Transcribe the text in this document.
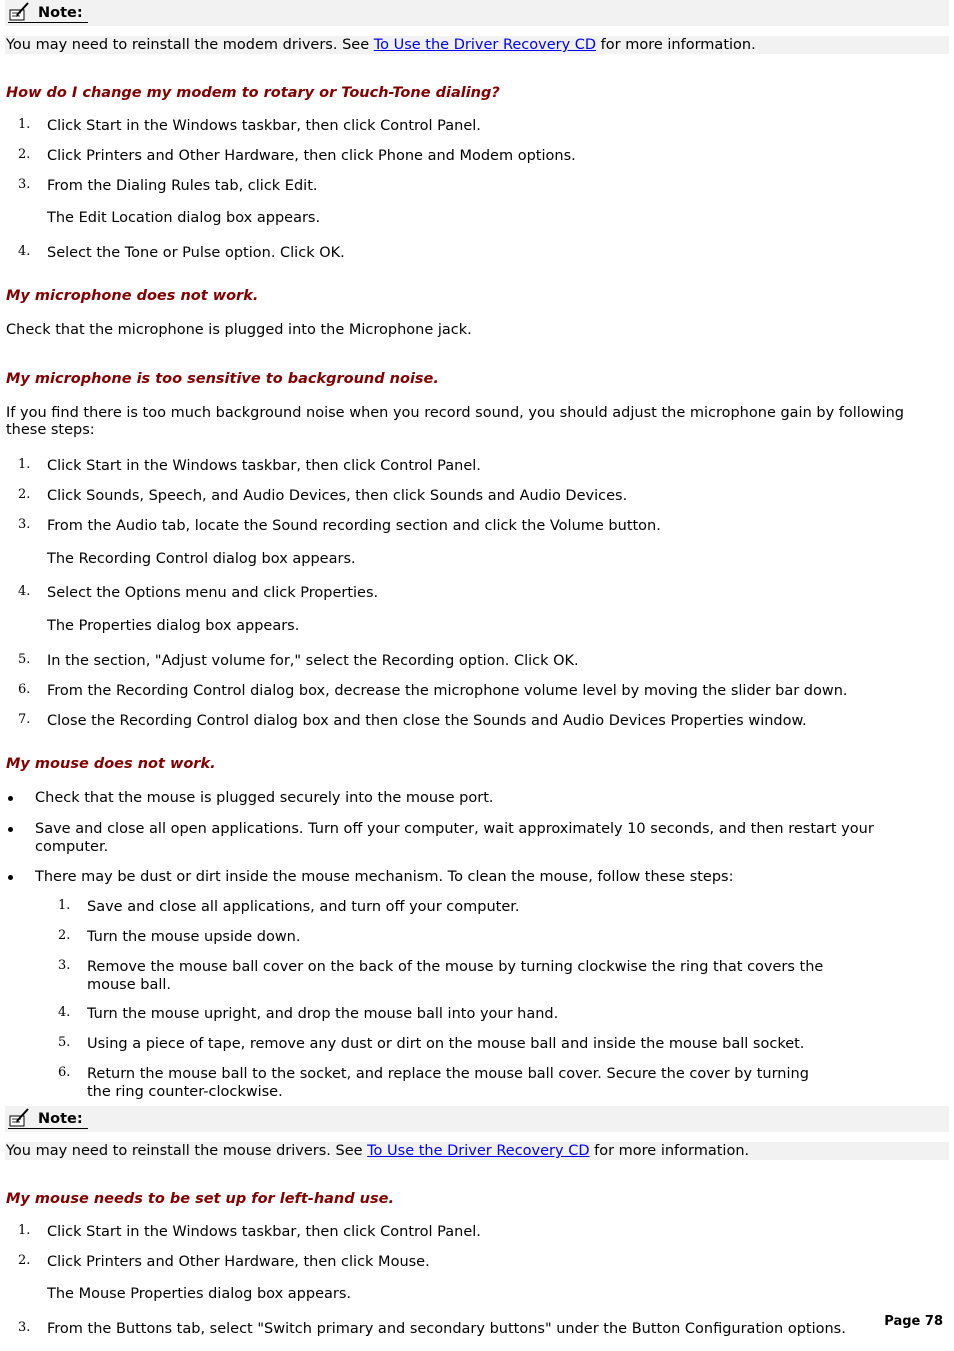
Note:
You may need to reinstall the modem drivers. See To Use the Driver Recovery CD for more information.
How do I change my modem to rotary or Touch-Tone dialing?
1. Click Start in the Windows taskbar, then click Control Panel.
2. Click Printers and Other Hardware, then click Phone and Modem options.
3. From the Dialing Rules tab, click Edit.
The Edit Location dialog box appears.
4. Select the Tone or Pulse option. Click OK.
My microphone does not work.
Check that the microphone is plugged into the Microphone jack.
My microphone is too sensitive to background noise.
If you find there is too much background noise when you record sound, you should adjust the microphone gain by following
these steps:
1. Click Start in the Windows taskbar, then click Control Panel.
2. Click Sounds, Speech, and Audio Devices, then click Sounds and Audio Devices.
3. From the Audio tab, locate the Sound recording section and click the Volume button.
The Recording Control dialog box appears.
4. Select the Options menu and click Properties.
The Properties dialog box appears.
5. In the section, "Adjust volume for," select the Recording option. Click OK.
6. From the Recording Control dialog box, decrease the microphone volume level by moving the slider bar down.
7. Close the Recording Control dialog box and then close the Sounds and Audio Devices Properties window.
My mouse does not work.
Check that the mouse is plugged securely into the mouse port.
Save and close all open applications. Turn off your computer, wait approximately 10 seconds, and then restart your
computer.
There may be dust or dirt inside the mouse mechanism. To clean the mouse, follow these steps:
1. Save and close all applications, and turn off your computer.
2. Turn the mouse upside down.
3. Remove the mouse ball cover on the back of the mouse by turning clockwise the ring that covers the
mouse ball.
4. Turn the mouse upright, and drop the mouse ball into your hand.
5. Using a piece of tape, remove any dust or dirt on the mouse ball and inside the mouse ball socket.
6. Return the mouse ball to the socket, and replace the mouse ball cover. Secure the cover by turning
the ring counter-clockwise.
Note:
You may need to reinstall the mouse drivers. See To Use the Driver Recovery CD for more information.
My mouse needs to be set up for left-hand use.
1. Click Start in the Windows taskbar, then click Control Panel.
2. Click Printers and Other Hardware, then click Mouse.
The Mouse Properties dialog box appears.
3. From the Buttons tab, select "Switch primary and secondary buttons" under the Button Configuration options.	Page 78
